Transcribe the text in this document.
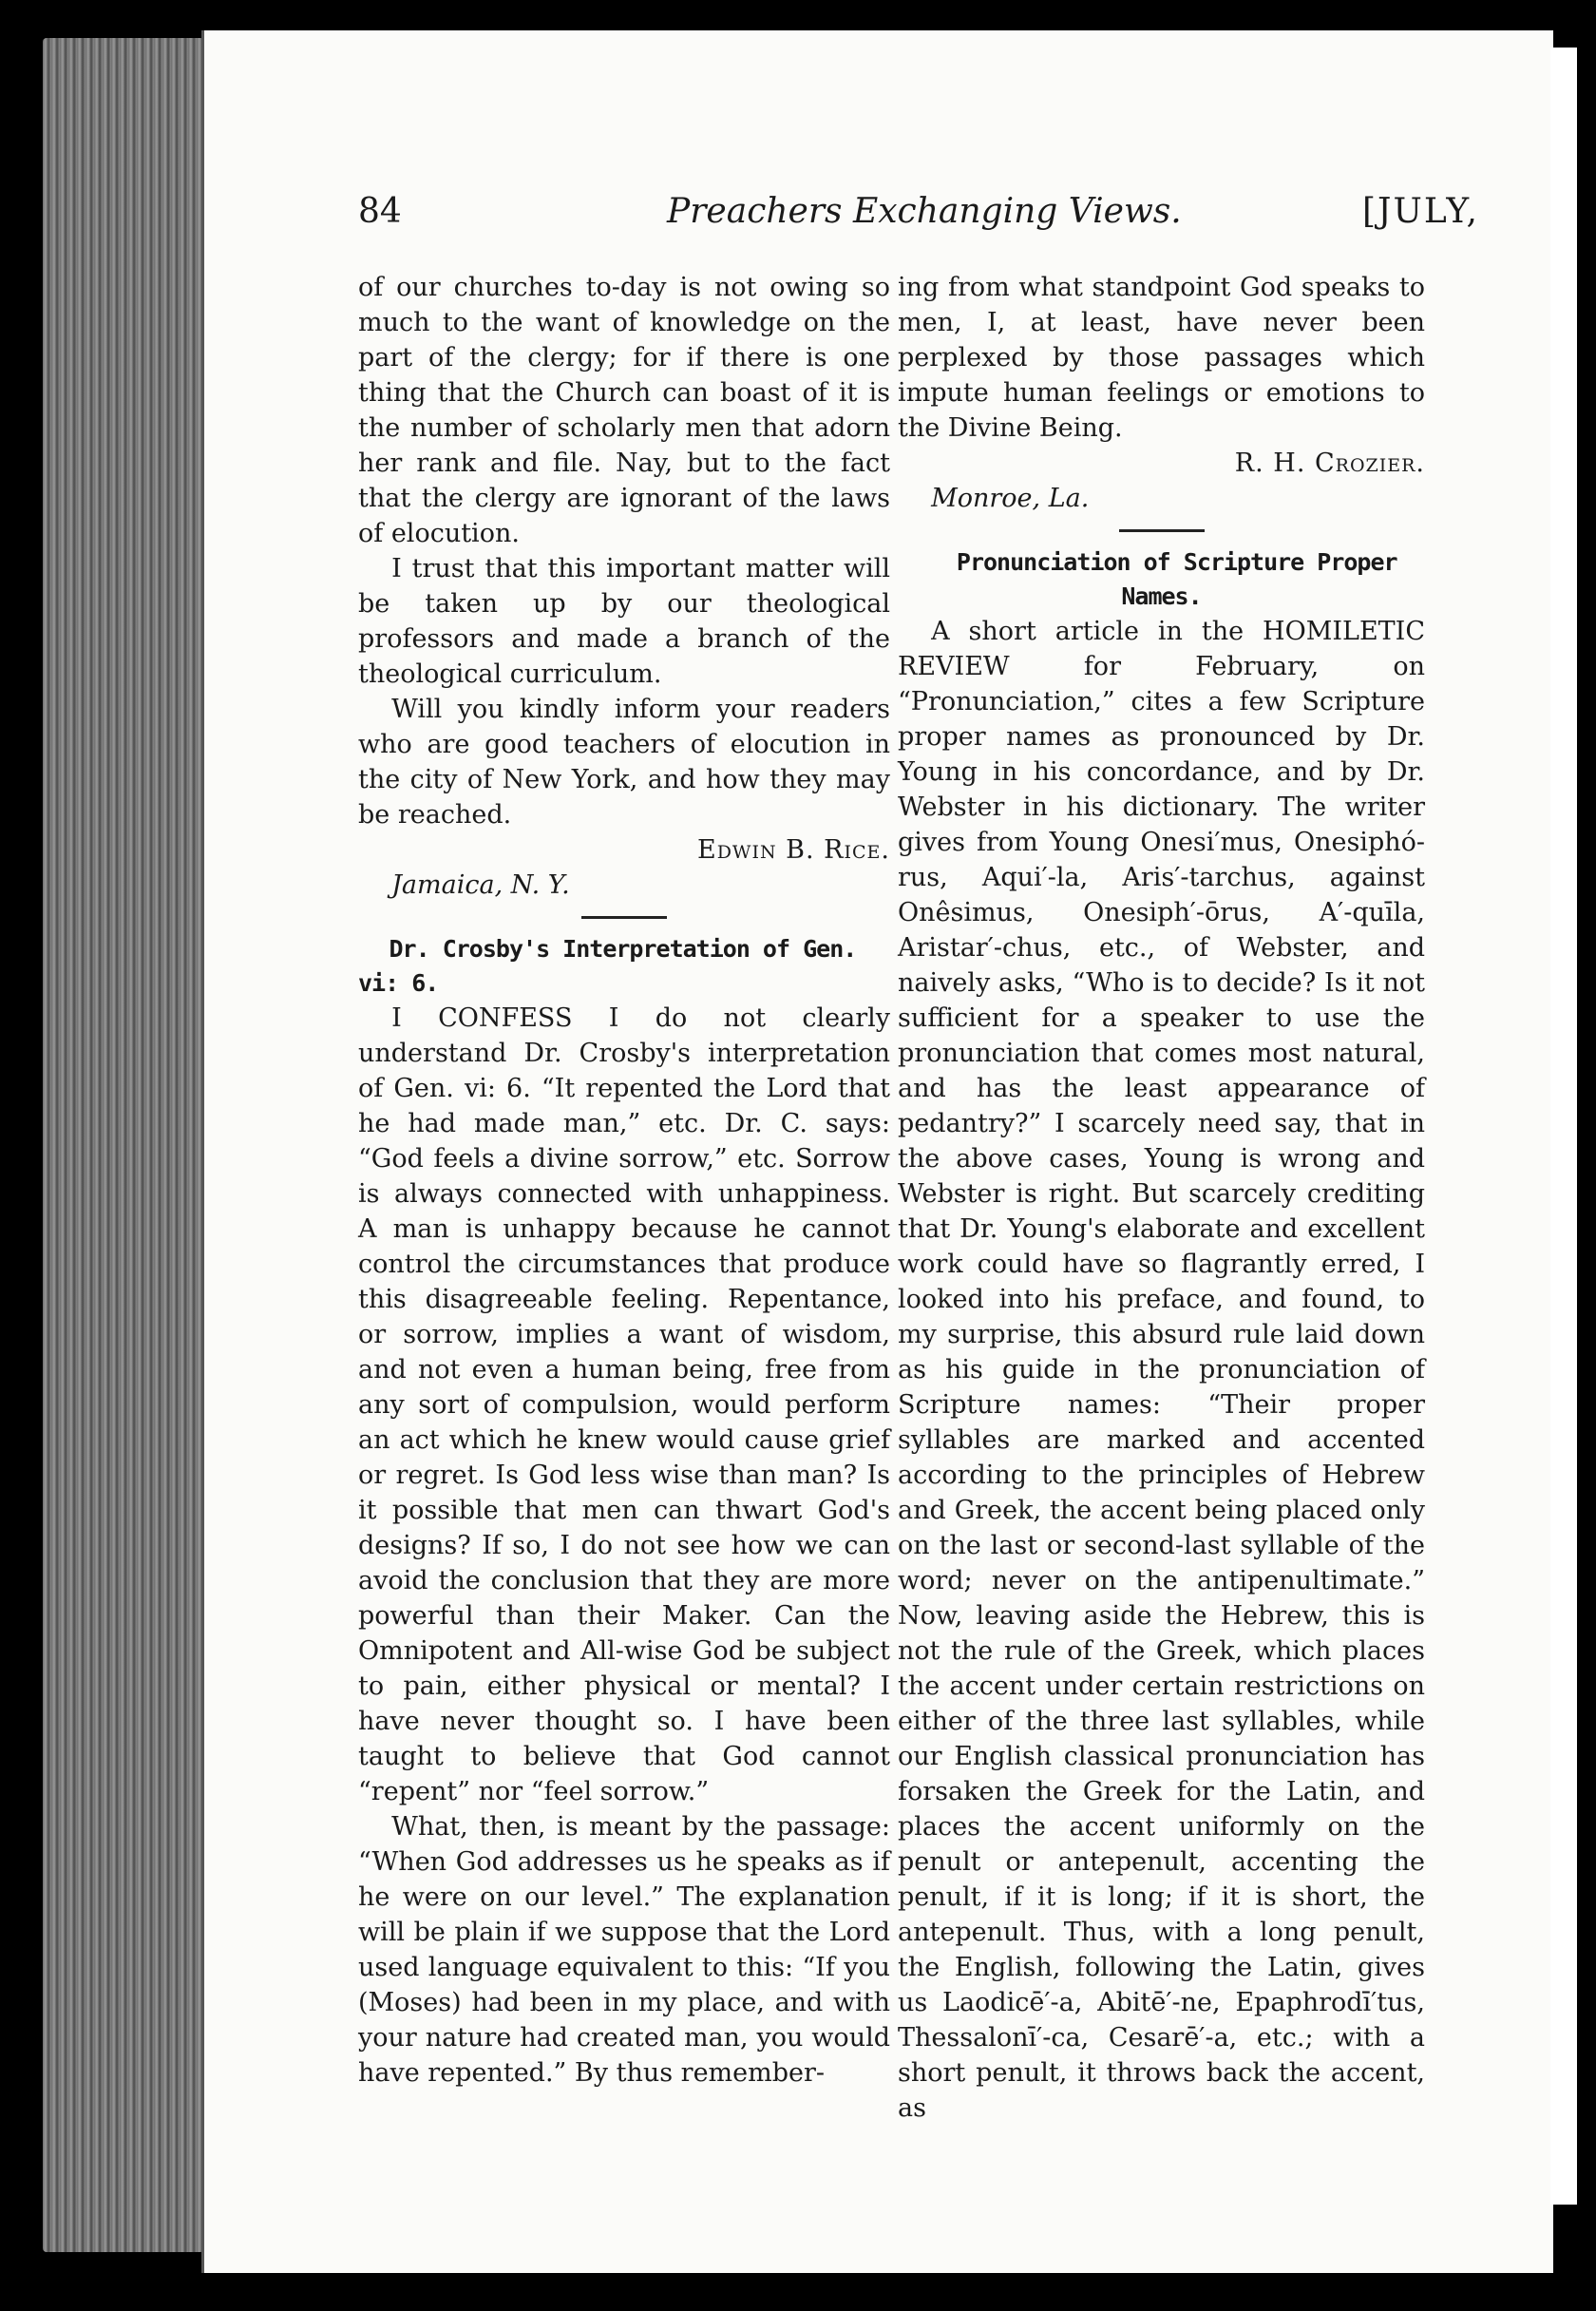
84	Preachers Exchanging Views.	[JULY,

of our churches to-day is not owing so much to the want of knowledge on the part of the clergy; for if there is one thing that the Church can boast of it is the number of scholarly men that adorn her rank and file. Nay, but to the fact that the clergy are ignorant of the laws of elocution.

I trust that this important matter will be taken up by our theological professors and made a branch of the theological curriculum.

Will you kindly inform your readers who are good teachers of elocution in the city of New York, and how they may be reached.

Edwin B. Rice.

Jamaica, N. Y.

Dr. Crosby's Interpretation of Gen. vi: 6.

I CONFESS I do not clearly understand Dr. Crosby's interpretation of Gen. vi: 6. “It repented the Lord that he had made man,” etc. Dr. C. says: “God feels a divine sorrow,” etc. Sorrow is always connected with unhappiness. A man is unhappy because he cannot control the circumstances that produce this disagreeable feeling. Repentance, or sorrow, implies a want of wisdom, and not even a human being, free from any sort of compulsion, would perform an act which he knew would cause grief or regret. Is God less wise than man? Is it possible that men can thwart God's designs? If so, I do not see how we can avoid the conclusion that they are more powerful than their Maker. Can the Omnipotent and All-wise God be subject to pain, either physical or mental? I have never thought so. I have been taught to believe that God cannot “repent” nor “feel sorrow.”

What, then, is meant by the passage: “When God addresses us he speaks as if he were on our level.” The explanation will be plain if we suppose that the Lord used language equivalent to this: “If you (Moses) had been in my place, and with your nature had created man, you would have repented.” By thus remember-

ing from what standpoint God speaks to men, I, at least, have never been perplexed by those passages which impute human feelings or emotions to the Divine Being.

R. H. Crozier.

Monroe, La.

Pronunciation of Scripture Proper Names.

A short article in the HOMILETIC REVIEW for February, on “Pronunciation,” cites a few Scripture proper names as pronounced by Dr. Young in his concordance, and by Dr. Webster in his dictionary. The writer gives from Young Onesi′mus, Onesiphó-rus, Aqui′-la, Aris′-tarchus, against Onêsimus, Onesiph′-ōrus, A′-quīla, Aristar′-chus, etc., of Webster, and naively asks, “Who is to decide? Is it not sufficient for a speaker to use the pronunciation that comes most natural, and has the least appearance of pedantry?” I scarcely need say, that in the above cases, Young is wrong and Webster is right. But scarcely crediting that Dr. Young's elaborate and excellent work could have so flagrantly erred, I looked into his preface, and found, to my surprise, this absurd rule laid down as his guide in the pronunciation of Scripture names: “Their proper syllables are marked and accented according to the principles of Hebrew and Greek, the accent being placed only on the last or second-last syllable of the word; never on the antipenultimate.” Now, leaving aside the Hebrew, this is not the rule of the Greek, which places the accent under certain restrictions on either of the three last syllables, while our English classical pronunciation has forsaken the Greek for the Latin, and places the accent uniformly on the penult or antepenult, accenting the penult, if it is long; if it is short, the antepenult. Thus, with a long penult, the English, following the Latin, gives us Laodicē′-a, Abitē′-ne, Epaphrodī′tus, Thessalonī′-ca, Cesarē′-a, etc.; with a short penult, it throws back the accent, as
